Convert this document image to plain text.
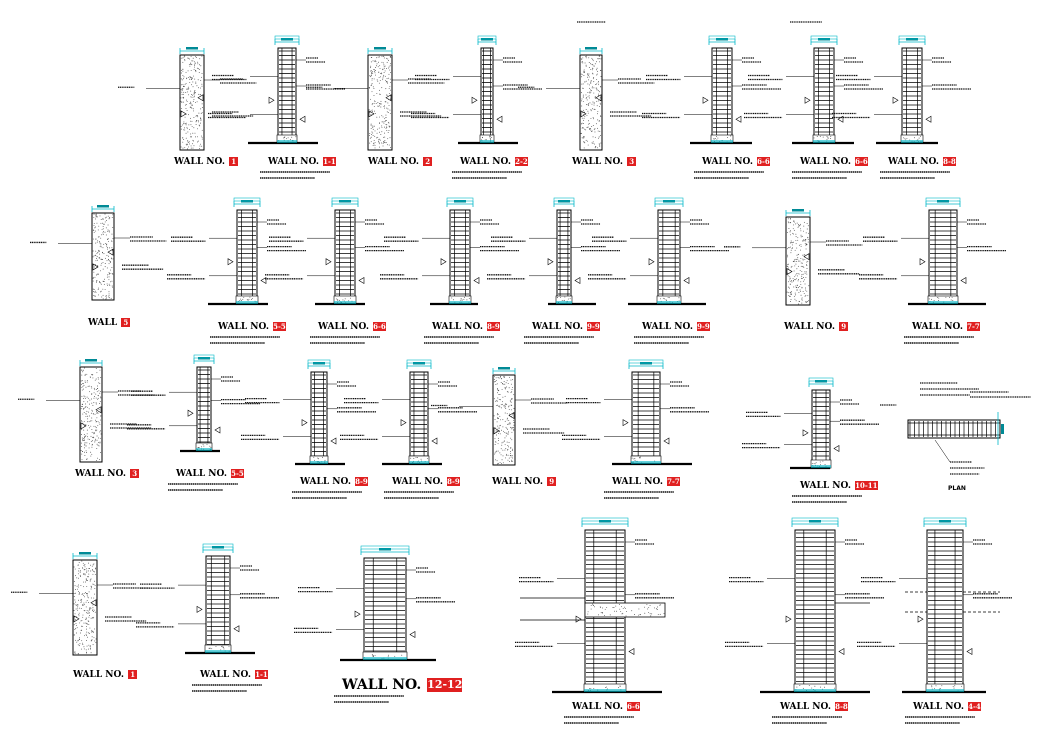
WALL NO. 1	WALL NO. 1-1	WALL NO. 2	WALL NO. 2-2	WALL NO. 3	WALL NO. 6-6	WALL NO. 6-6 WALL NO. 8-8
WALL 5	WALL NO. 5-5	WALL NO. 6-6	WALL NO. 8-9	WALL NO. 9-9	WALL NO. 9-9	WALL NO. 9	WALL NO. 7-7
WALL NO. 3	WALL NO. 5-5
WALL NO. 8-9	WALL NO. 8-9	WALL NO. 9	WALL NO. 7-7	WALL NO. 10-11
WALL NO. 1	WALL NO. 1-1
WALL NO. 12-12
WALL NO. 6-6	WALL NO. 8-8	WALL NO. 4-4
PLAN
